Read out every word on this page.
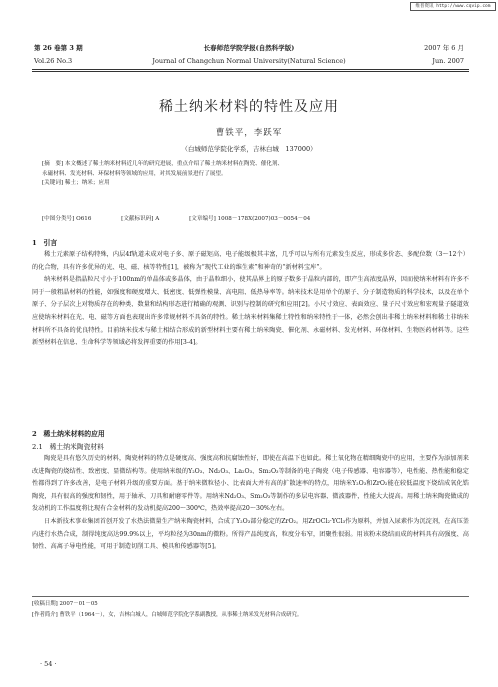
维普资讯 http://www.cqvip.com
第 26 卷第 3 期
Vol.26 No.3
长春师范学院学报(自然科学版)
Journal of Changchun Normal University(Natural Science)
2007 年 6 月
Jun. 2007
稀土纳米材料的特性及应用
曹铁平，李跃军
（白城师范学院化学系，吉林白城　137000）

[摘　要] 本文概述了稀土纳米材料近几年的研究进展，重点介绍了稀土纳米材料在陶瓷、催化剂、

永磁材料、发光材料、环保材料等领域的应用，对其发展前景进行了展望。

[关键词] 稀土；纳米；应用

[中图分类号] O616	[文献标识码] A	[文章编号] 1008－178X(2007)03－0054－04
1　引言

稀土元素原子结构特殊，内层4f轨道未成对电子多、原子磁矩高、电子能级极其丰富，几乎可以与所有元素发生反应，形成多价态、多配位数（3～12个）的化合物，具有许多优异的光、电、磁、核等特性[1]，被称为“现代工业的维生素”和神奇的“新材料宝库”。

纳米材料是指晶粒尺寸小于100nm的单晶体或多晶体，由于晶粒细小，使其晶界上的原子数多于晶粒内部的，即产生高浓度晶界，因而使纳米材料有许多不同于一般粗晶材料的性能，如强度和硬度增大、低密度、低弹性模量、高电阻、低热导率等。纳米技术是用单个的原子、分子制造物质的科学技术，以及在单个原子、分子层次上对物质存在的种类、数量和结构形态进行精确的观测、识别与控制的研究和应用[2]。小尺寸效应、表面效应、量子尺寸效应和宏观量子隧道效应使纳米材料在光、电、磁等方面也表现出许多常规材料不具备的特性。稀土纳米材料集稀土特性和纳米特性于一体，必然会创出非稀土纳米材料和稀土非纳米材料所不具备的优良特性。目前纳米技术与稀土相结合形成的新型材料主要有稀土纳米陶瓷、催化剂、永磁材料、发光材料、环保材料、生物医药材料等。这些新型材料在信息、生命科学等领域必将发挥重要的作用[3-4]。

2　稀土纳米材料的应用
2.1　稀土纳米陶瓷材料

陶瓷是具有悠久历史的材料，陶瓷材料的特点是硬度高、强度高和抗腐蚀性好，即使在高温下也如此。稀土氧化物在精细陶瓷中的应用，主要作为添加剂来改进陶瓷的烧结性、致密度、显微结构等。使用纳米级的Y₂O₃、Nd₂O₃、La₂O₃、Sm₂O₃等制备的电子陶瓷（电子传感器、电容器等），电性能、热性能和稳定性都得到了许多改善，是电子材料升级的重要方面。基于纳米微粒径小、比表面大并有高的扩散速率的特点，用纳米Y₂O₃和ZrO₂能在较低温度下烧结成氧化锆陶瓷，具有很高的强度和韧性，用于轴承、刀具和耐磨零件等。用纳米Nd₂O₃、Sm₂O₃等制作的多层电容器、微波器件，性能大大提高。用稀土纳米陶瓷做成的发动机的工作温度将比现有合金材料的发动机提高200～300℃，热效率提高20～30%左右。

日本新技术事业集团首创开发了水热法微量生产纳米陶瓷材料，合成了Y₂O₃部分稳定的ZrO₂。用ZrOCl₂·YCl₃作为原料，并加入尿素作为沉淀剂，在高压釜内进行水热合成，制得纯度高达99.9%以上，平均粒径为30nm的微粉。所得产品纯度高，粒度分布窄，团聚性很弱。用该粉末烧结而成的材料具有高强度、高韧性、高离子导电性能，可用于制造切削工具、模具和传感器等[5]。

[收稿日期] 2007－01－05
[作者简介] 曹铁平（1964－），女，吉林白城人，白城师范学院化学系副教授，从事稀土纳米发光材料合成研究。
· 54 ·
